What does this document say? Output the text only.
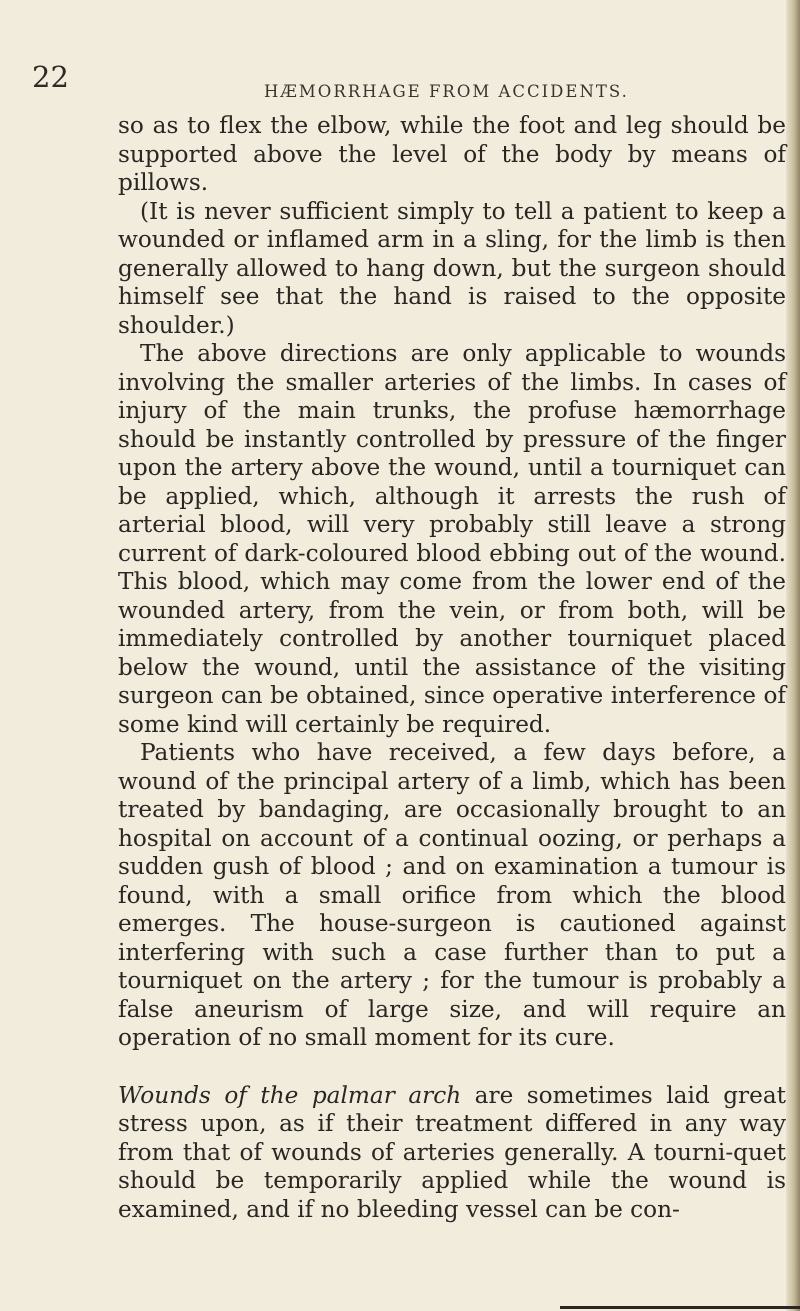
22	HÆMORRHAGE FROM ACCIDENTS.

so as to flex the elbow, while the foot and leg should be supported above the level of the body by means of pillows.

(It is never sufficient simply to tell a patient to keep a wounded or inflamed arm in a sling, for the limb is then generally allowed to hang down, but the surgeon should himself see that the hand is raised to the opposite shoulder.)

The above directions are only applicable to wounds involving the smaller arteries of the limbs. In cases of injury of the main trunks, the profuse hæmorrhage should be instantly controlled by pressure of the finger upon the artery above the wound, until a tourniquet can be applied, which, although it arrests the rush of arterial blood, will very probably still leave a strong current of dark-coloured blood ebbing out of the wound. This blood, which may come from the lower end of the wounded artery, from the vein, or from both, will be immediately controlled by another tourniquet placed below the wound, until the assistance of the visiting surgeon can be obtained, since operative interference of some kind will certainly be required.

Patients who have received, a few days before, a wound of the principal artery of a limb, which has been treated by bandaging, are occasionally brought to an hospital on account of a continual oozing, or perhaps a sudden gush of blood ; and on examination a tumour is found, with a small orifice from which the blood emerges. The house-surgeon is cautioned against interfering with such a case further than to put a tourniquet on the artery ; for the tumour is probably a false aneurism of large size, and will require an operation of no small moment for its cure.

Wounds of the palmar arch are sometimes laid great stress upon, as if their treatment differed in any way from that of wounds of arteries generally. A tourni-quet should be temporarily applied while the wound is examined, and if no bleeding vessel can be con-
